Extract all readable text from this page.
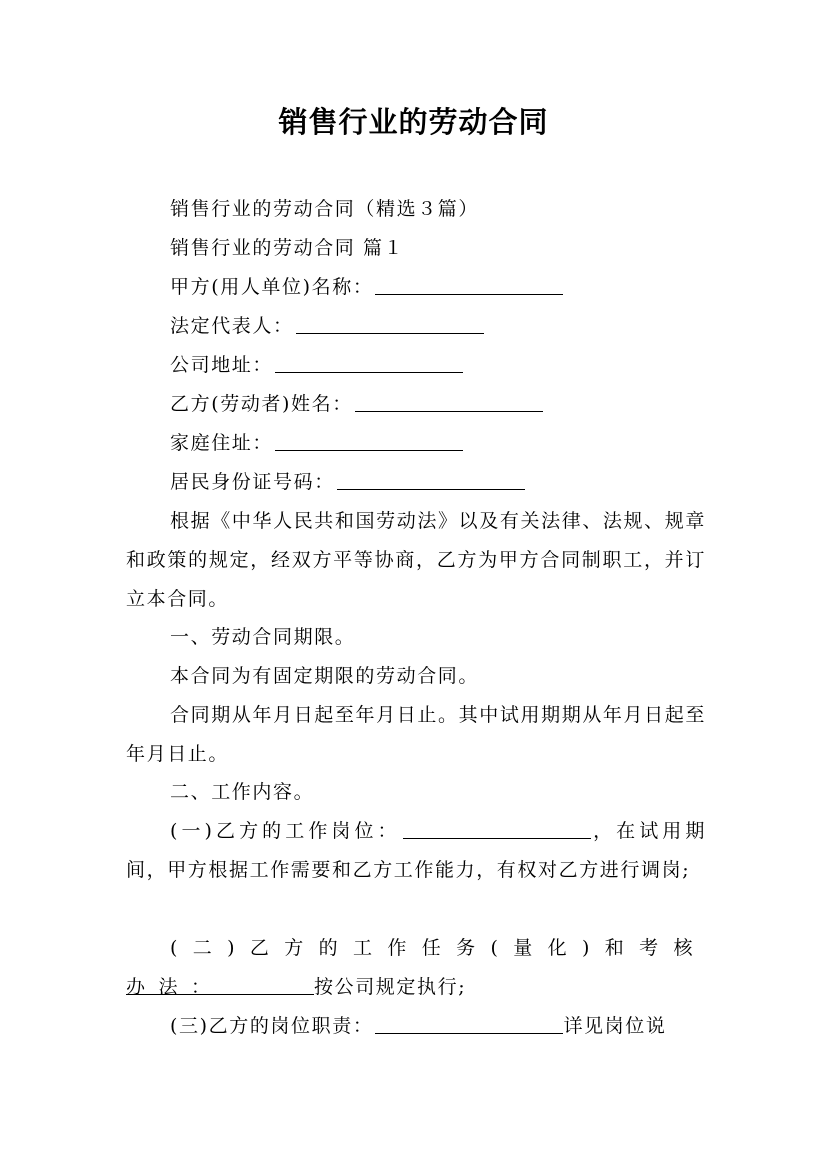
销售行业的劳动合同
销售行业的劳动合同（精选３篇）
销售行业的劳动合同 篇１
甲方(用人单位)名称：
法定代表人：
公司地址：
乙方(劳动者)姓名：
家庭住址：
居民身份证号码：
根据《中华人民共和国劳动法》以及有关法律、法规、规章和政策的规定，经双方平等协商，乙方为甲方合同制职工，并订立本合同。
一、劳动合同期限。
本合同为有固定期限的劳动合同。
合同期从年月日起至年月日止。其中试用期期从年月日起至年月日止。
二、工作内容。
(一)乙方的工作岗位：	，在试用期间，甲方根据工作需要和乙方工作能力，有权对乙方进行调岗;
(二)乙方的工作任务(量化)和考核办法：	按公司规定执行;
(三)乙方的岗位职责：	详见岗位说
